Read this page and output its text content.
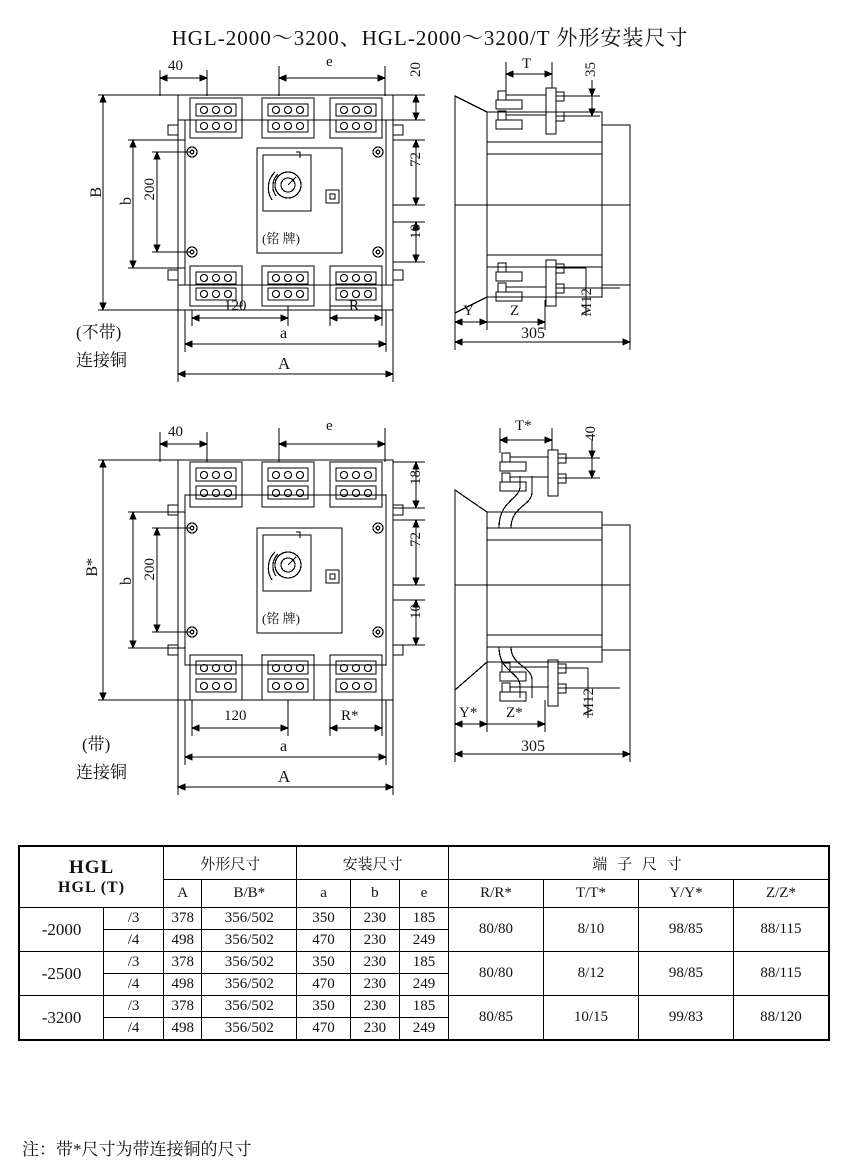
HGL-2000～3200、HGL-2000～3200/T 外形安装尺寸
40	e	20
B
b
200
72
10
120	R
a
A
T	35
Y Z	M12
305
(铭 牌)
(不带)
连接铜
40	e
18
B*
b
200
72
10
120	R*
a
A
T*	40
Y* Z*	M12
305
(铭 牌)
(带)
连接铜
HGL
HGL (T)		外形尺寸		安装尺寸			端 子 尺 寸			
		A	B/B*	a	b	e	R/R*	T/T*	Y/Y*	Z/Z*
-2000	/3	378	356/502	350	230	185	80/80	8/10	98/85	88/115
	/4	498	356/502	470	230	249				
-2500	/3	378	356/502	350	230	185	80/80	8/12	98/85	88/115
	/4	498	356/502	470	230	249				
-3200	/3	378	356/502	350	230	185	80/85	10/15	99/83	88/120
	/4	498	356/502	470	230	249				
注：带*尺寸为带连接铜的尺寸
